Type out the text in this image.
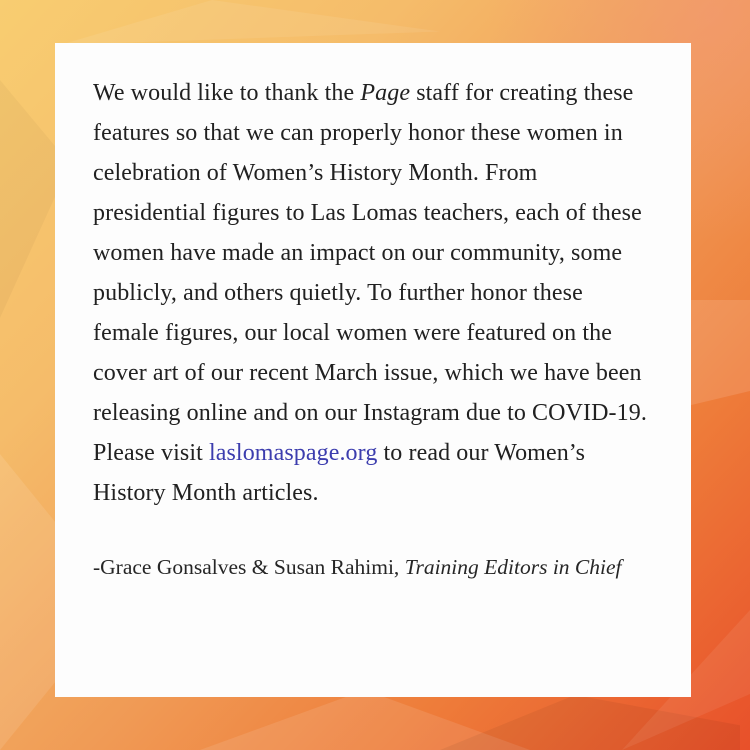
We would like to thank the Page staff for creating these features so that we can properly honor these women in celebration of Women’s History Month. From presidential figures to Las Lomas teachers, each of these women have made an impact on our community, some publicly, and others quietly. To further honor these female figures, our local women were featured on the cover art of our recent March issue, which we have been releasing online and on our Instagram due to COVID-19. Please visit laslomaspage.org to read our Women’s History Month articles.

-Grace Gonsalves & Susan Rahimi, Training Editors in Chief
